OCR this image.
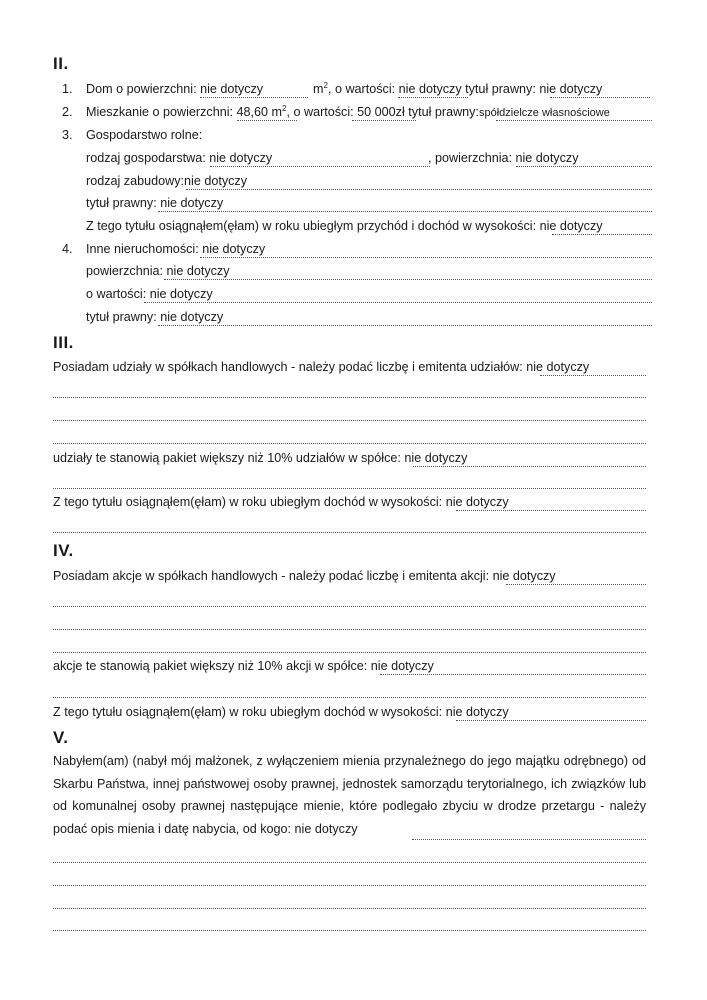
II.
1. Dom o powierzchni: nie dotyczy	$m^2$, o wartości: nie dotyczy tytuł prawny: nie dotyczy
2. Mieszkanie o powierzchni: 48,60 $m^2$, o wartości: 50 000zł tytuł prawny:spółdzielcze własnościowe
3. Gospodarstwo rolne:
rodzaj gospodarstwa: nie dotyczy	, powierzchnia: nie dotyczy
rodzaj zabudowy:nie dotyczy
tytuł prawny: nie dotyczy
Z tego tytułu osiągnąłem(ęłam) w roku ubiegłym przychód i dochód w wysokości: nie dotyczy
4. Inne nieruchomości: nie dotyczy
powierzchnia: nie dotyczy
o wartości: nie dotyczy
tytuł prawny: nie dotyczy
III.
Posiadam udziały w spółkach handlowych - należy podać liczbę i emitenta udziałów: nie dotyczy
udziały te stanowią pakiet większy niż 10% udziałów w spółce: nie dotyczy
Z tego tytułu osiągnąłem(ęłam) w roku ubiegłym dochód w wysokości: nie dotyczy
IV.
Posiadam akcje w spółkach handlowych - należy podać liczbę i emitenta akcji: nie dotyczy
akcje te stanowią pakiet większy niż 10% akcji w spółce: nie dotyczy
Z tego tytułu osiągnąłem(ęłam) w roku ubiegłym dochód w wysokości: nie dotyczy
V.
Nabyłem(am) (nabył mój małżonek, z wyłączeniem mienia przynależnego do jego majątku odrębnego) od Skarbu Państwa, innej państwowej osoby prawnej, jednostek samorządu terytorialnego, ich związków lub od komunalnej osoby prawnej następujące mienie, które podlegało zbyciu w drodze przetargu - należy podać opis mienia i datę nabycia, od kogo: nie dotyczy
